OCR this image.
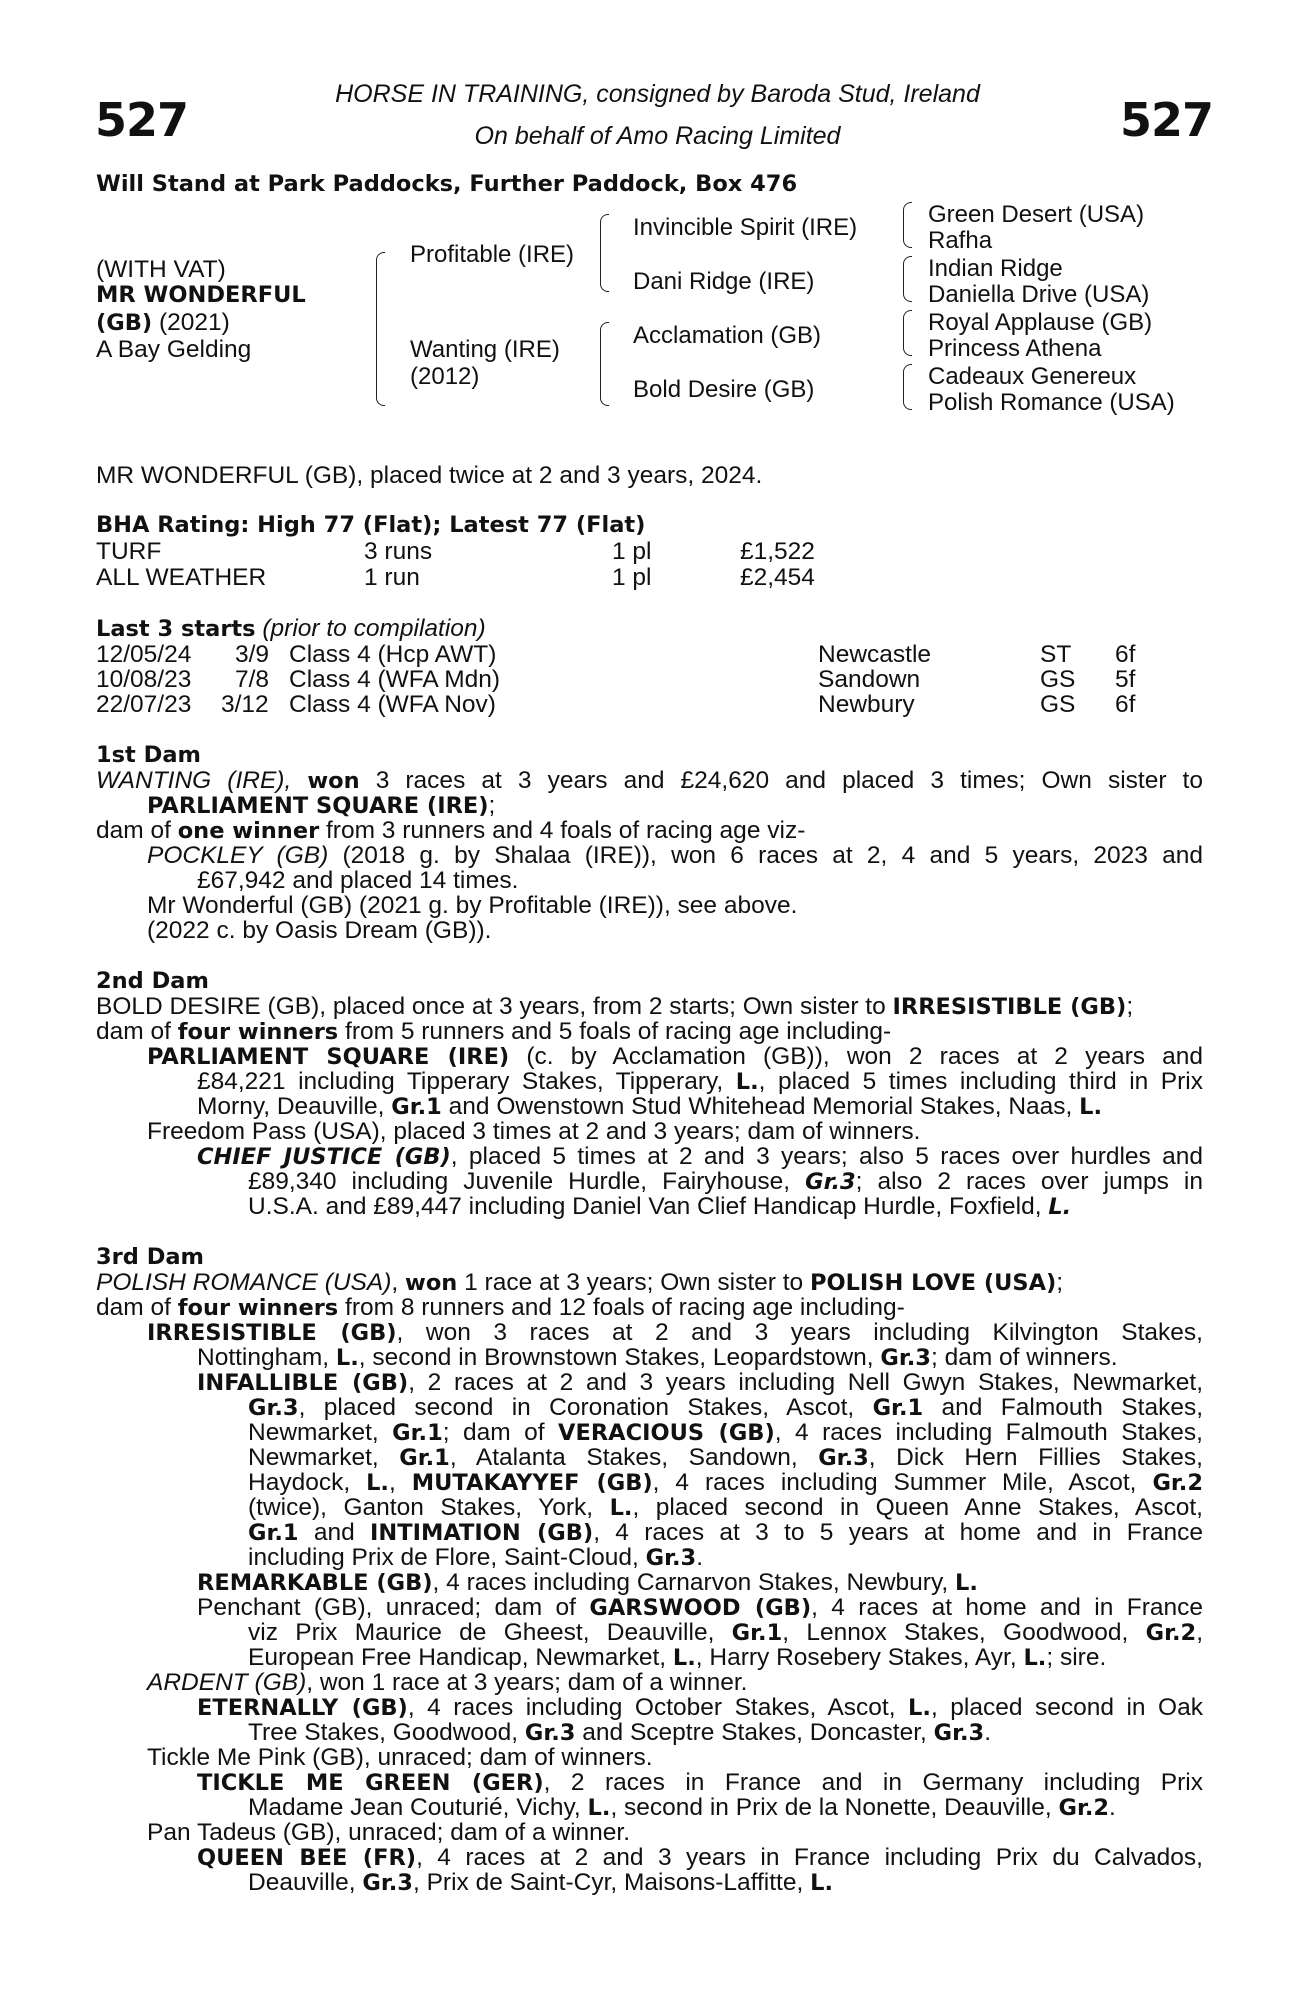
527	527
HORSE IN TRAINING, consigned by Baroda Stud, Ireland
On behalf of Amo Racing Limited
Will Stand at Park Paddocks, Further Paddock, Box 476
(WITH VAT)
MR WONDERFUL
(GB) (2021)
A Bay Gelding
Profitable (IRE)
Wanting (IRE)
(2012)
Invincible Spirit (IRE)
Dani Ridge (IRE)
Acclamation (GB)
Bold Desire (GB)
Green Desert (USA)
Rafha
Indian Ridge
Daniella Drive (USA)
Royal Applause (GB)
Princess Athena
Cadeaux Genereux
Polish Romance (USA)
MR WONDERFUL (GB), placed twice at 2 and 3 years, 2024.
BHA Rating: High 77 (Flat); Latest 77 (Flat)
TURF	3 runs	1 pl	£1,522
ALL WEATHER	1 run	1 pl	£2,454
Last 3 starts (prior to compilation)
12/05/24 3/9 Class 4 (Hcp AWT)	Newcastle	ST 6f
10/08/23 7/8 Class 4 (WFA Mdn)	Sandown	GS 5f
22/07/23 3/12 Class 4 (WFA Nov)	Newbury	GS 6f
1st Dam
WANTING (IRE), won 3 races at 3 years and £24,620 and placed 3 times; Own sister to
PARLIAMENT SQUARE (IRE);
dam of one winner from 3 runners and 4 foals of racing age viz-
POCKLEY (GB) (2018 g. by Shalaa (IRE)), won 6 races at 2, 4 and 5 years, 2023 and
£67,942 and placed 14 times.
Mr Wonderful (GB) (2021 g. by Profitable (IRE)), see above.
(2022 c. by Oasis Dream (GB)).
2nd Dam
BOLD DESIRE (GB), placed once at 3 years, from 2 starts; Own sister to IRRESISTIBLE (GB);
dam of four winners from 5 runners and 5 foals of racing age including-
PARLIAMENT SQUARE (IRE) (c. by Acclamation (GB)), won 2 races at 2 years and
£84,221 including Tipperary Stakes, Tipperary, L., placed 5 times including third in Prix
Morny, Deauville, Gr.1 and Owenstown Stud Whitehead Memorial Stakes, Naas, L.
Freedom Pass (USA), placed 3 times at 2 and 3 years; dam of winners.
CHIEF JUSTICE (GB), placed 5 times at 2 and 3 years; also 5 races over hurdles and
£89,340 including Juvenile Hurdle, Fairyhouse, Gr.3; also 2 races over jumps in
U.S.A. and £89,447 including Daniel Van Clief Handicap Hurdle, Foxfield, L.
3rd Dam
POLISH ROMANCE (USA), won 1 race at 3 years; Own sister to POLISH LOVE (USA);
dam of four winners from 8 runners and 12 foals of racing age including-
IRRESISTIBLE (GB), won 3 races at 2 and 3 years including Kilvington Stakes,
Nottingham, L., second in Brownstown Stakes, Leopardstown, Gr.3; dam of winners.
INFALLIBLE (GB), 2 races at 2 and 3 years including Nell Gwyn Stakes, Newmarket,
Gr.3, placed second in Coronation Stakes, Ascot, Gr.1 and Falmouth Stakes,
Newmarket, Gr.1; dam of VERACIOUS (GB), 4 races including Falmouth Stakes,
Newmarket, Gr.1, Atalanta Stakes, Sandown, Gr.3, Dick Hern Fillies Stakes,
Haydock, L., MUTAKAYYEF (GB), 4 races including Summer Mile, Ascot, Gr.2
(twice), Ganton Stakes, York, L., placed second in Queen Anne Stakes, Ascot,
Gr.1 and INTIMATION (GB), 4 races at 3 to 5 years at home and in France
including Prix de Flore, Saint-Cloud, Gr.3.
REMARKABLE (GB), 4 races including Carnarvon Stakes, Newbury, L.
Penchant (GB), unraced; dam of GARSWOOD (GB), 4 races at home and in France
viz Prix Maurice de Gheest, Deauville, Gr.1, Lennox Stakes, Goodwood, Gr.2,
European Free Handicap, Newmarket, L., Harry Rosebery Stakes, Ayr, L.; sire.
ARDENT (GB), won 1 race at 3 years; dam of a winner.
ETERNALLY (GB), 4 races including October Stakes, Ascot, L., placed second in Oak
Tree Stakes, Goodwood, Gr.3 and Sceptre Stakes, Doncaster, Gr.3.
Tickle Me Pink (GB), unraced; dam of winners.
TICKLE ME GREEN (GER), 2 races in France and in Germany including Prix
Madame Jean Couturié, Vichy, L., second in Prix de la Nonette, Deauville, Gr.2.
Pan Tadeus (GB), unraced; dam of a winner.
QUEEN BEE (FR), 4 races at 2 and 3 years in France including Prix du Calvados,
Deauville, Gr.3, Prix de Saint-Cyr, Maisons-Laffitte, L.
